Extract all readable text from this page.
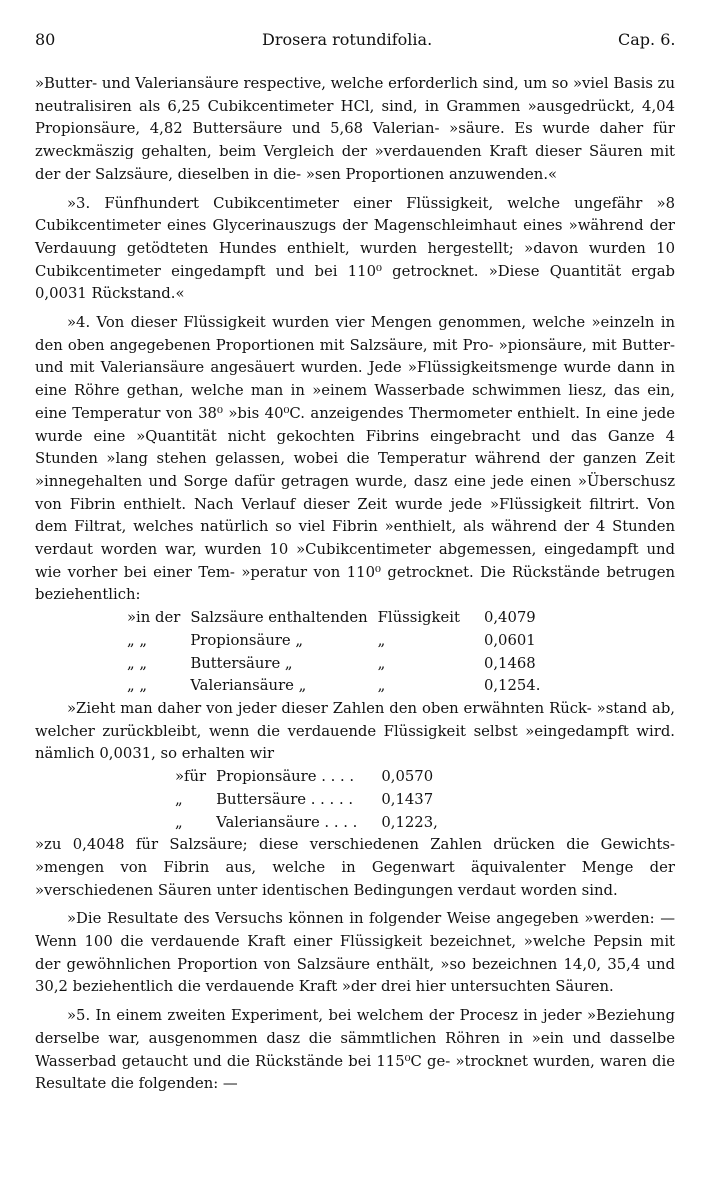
80	Drosera rotundifolia.	Cap. 6.
»Butter- und Valeriansäure respective, welche erforderlich sind, um so »viel Basis zu neutralisiren als 6,25 Cubikcentimeter HCl, sind, in Grammen »ausgedrückt, 4,04 Propionsäure, 4,82 Buttersäure und 5,68 Valerian- »säure. Es wurde daher für zweckmäszig gehalten, beim Vergleich der »verdauenden Kraft dieser Säuren mit der der Salzsäure, dieselben in die- »sen Proportionen anzuwenden.«
»3. Fünfhundert Cubikcentimeter einer Flüssigkeit, welche ungefähr »8 Cubikcentimeter eines Glycerinauszugs der Magenschleimhaut eines »während der Verdauung getödteten Hundes enthielt, wurden hergestellt; »davon wurden 10 Cubikcentimeter eingedampft und bei 110⁰ getrocknet. »Diese Quantität ergab 0,0031 Rückstand.«
»4. Von dieser Flüssigkeit wurden vier Mengen genommen, welche »einzeln in den oben angegebenen Proportionen mit Salzsäure, mit Pro- »pionsäure, mit Butter- und mit Valeriansäure angesäuert wurden. Jede »Flüssigkeitsmenge wurde dann in eine Röhre gethan, welche man in »einem Wasserbade schwimmen liesz, das ein, eine Temperatur von 38⁰ »bis 40⁰C. anzeigendes Thermometer enthielt. In eine jede wurde eine »Quantität nicht gekochten Fibrins eingebracht und das Ganze 4 Stunden »lang stehen gelassen, wobei die Temperatur während der ganzen Zeit »innegehalten und Sorge dafür getragen wurde, dasz eine jede einen »Überschusz von Fibrin enthielt. Nach Verlauf dieser Zeit wurde jede »Flüssigkeit filtrirt. Von dem Filtrat, welches natürlich so viel Fibrin »enthielt, als während der 4 Stunden verdaut worden war, wurden 10 »Cubikcentimeter abgemessen, eingedampft und wie vorher bei einer Tem- »peratur von 110⁰ getrocknet. Die Rückstände betrugen beziehentlich:
»in der	Salzsäure enthaltenden	Flüssigkeit	0,4079
„ „	Propionsäure „	„	0,0601
„ „	Buttersäure „	„	0,1468
„ „	Valeriansäure „	„	0,1254.
»Zieht man daher von jeder dieser Zahlen den oben erwähnten Rück- »stand ab, welcher zurückbleibt, wenn die verdauende Flüssigkeit selbst »eingedampft wird. nämlich 0,0031, so erhalten wir
»für	Propionsäure . . . .	0,0570
„	Buttersäure . . . . .	0,1437
„	Valeriansäure . . . .	0,1223,
»zu 0,4048 für Salzsäure; diese verschiedenen Zahlen drücken die Gewichts- »mengen von Fibrin aus, welche in Gegenwart äquivalenter Menge der »verschiedenen Säuren unter identischen Bedingungen verdaut worden sind.
»Die Resultate des Versuchs können in folgender Weise angegeben »werden: — Wenn 100 die verdauende Kraft einer Flüssigkeit bezeichnet, »welche Pepsin mit der gewöhnlichen Proportion von Salzsäure enthält, »so bezeichnen 14,0, 35,4 und 30,2 beziehentlich die verdauende Kraft »der drei hier untersuchten Säuren.
»5. In einem zweiten Experiment, bei welchem der Procesz in jeder »Beziehung derselbe war, ausgenommen dasz die sämmtlichen Röhren in »ein und dasselbe Wasserbad getaucht und die Rückstände bei 115⁰C ge- »trocknet wurden, waren die Resultate die folgenden: —
